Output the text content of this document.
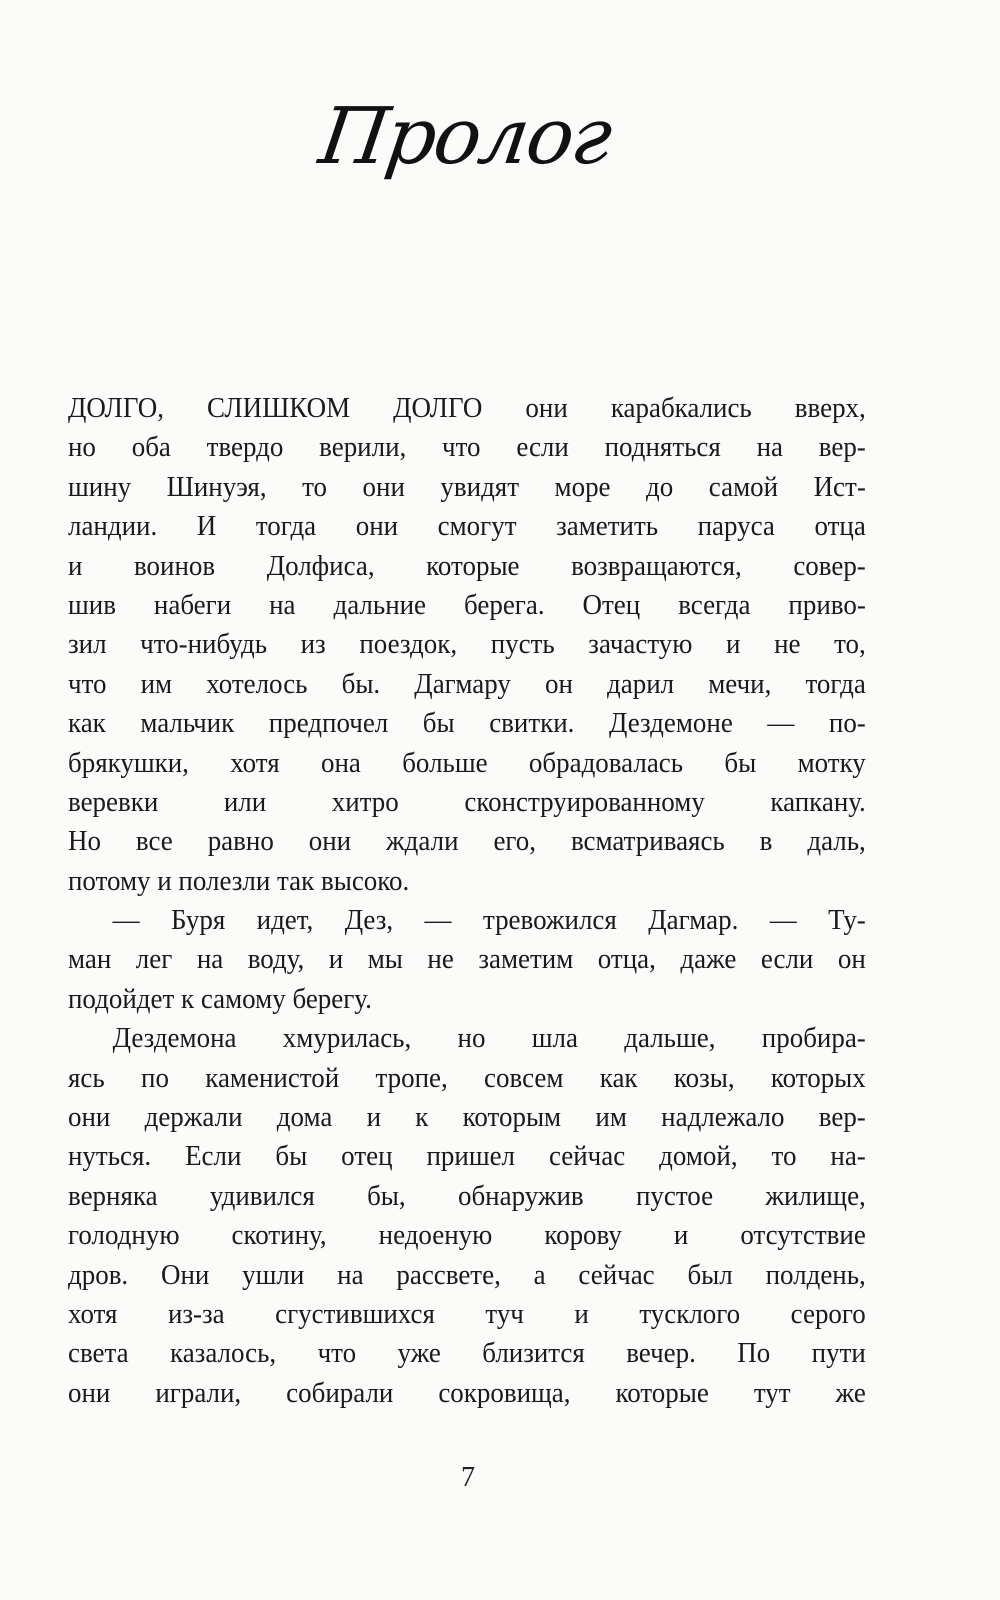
Пролог
ДОЛГО, СЛИШКОМ ДОЛГО они карабкались вверх,
но оба твердо верили, что если подняться на вер-
шину Шинуэя, то они увидят море до самой Ист-
ландии. И тогда они смогут заметить паруса отца
и воинов Долфиса, которые возвращаются, совер-
шив набеги на дальние берега. Отец всегда приво-
зил что-нибудь из поездок, пусть зачастую и не то,
что им хотелось бы. Дагмару он дарил мечи, тогда
как мальчик предпочел бы свитки. Дездемоне — по-
брякушки, хотя она больше обрадовалась бы мотку
веревки или хитро сконструированному капкану.
Но все равно они ждали его, всматриваясь в даль,
потому и полезли так высоко.
— Буря идет, Дез, — тревожился Дагмар. — Ту-
ман лег на воду, и мы не заметим отца, даже если он
подойдет к самому берегу.
Дездемона хмурилась, но шла дальше, пробира-
ясь по каменистой тропе, совсем как козы, которых
они держали дома и к которым им надлежало вер-
нуться. Если бы отец пришел сейчас домой, то на-
верняка удивился бы, обнаружив пустое жилище,
голодную скотину, недоеную корову и отсутствие
дров. Они ушли на рассвете, а сейчас был полдень,
хотя из-за сгустившихся туч и тусклого серого
света казалось, что уже близится вечер. По пути
они играли, собирали сокровища, которые тут же
7
